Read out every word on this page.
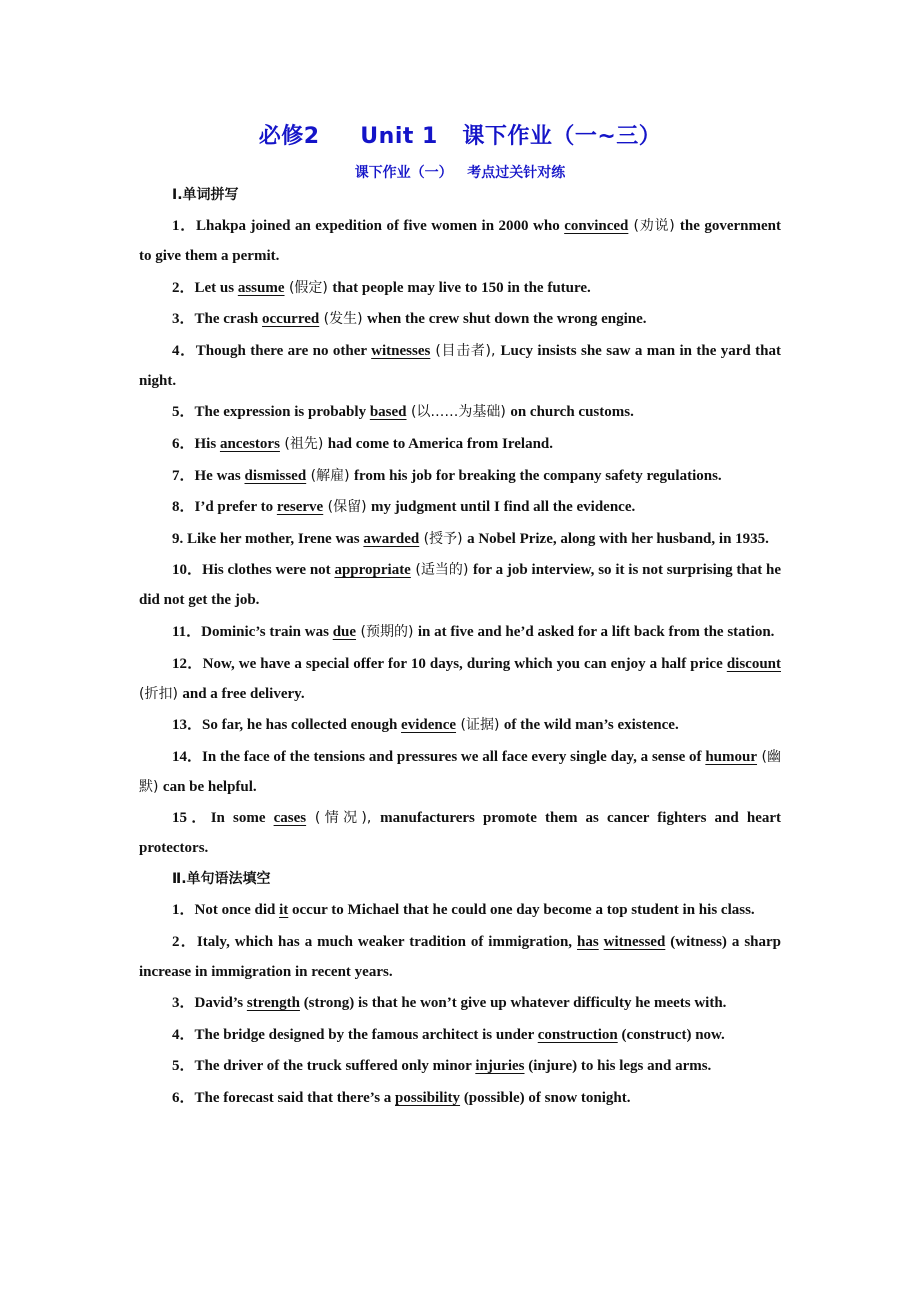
必修2     Unit 1   课下作业（一~三）
课下作业（一）   考点过关针对练
Ⅰ.单词拼写

1．Lhakpa joined an expedition of five women in 2000 who convinced (劝说) the government to give them a permit.

2．Let us assume (假定) that people may live to 150 in the future.

3．The crash occurred (发生) when the crew shut down the wrong engine.

4．Though there are no other witnesses (目击者), Lucy insists she saw a man in the yard that night.

5．The expression is probably based (以……为基础) on church customs.

6．His ancestors (祖先) had come to America from Ireland.

7．He was dismissed (解雇) from his job for breaking the company safety regulations.

8．I’d prefer to reserve (保留) my judgment until I find all the evidence.

9. Like her mother, Irene was awarded (授予) a Nobel Prize, along with her husband, in 1935.

10．His clothes were not appropriate (适当的) for a job interview, so it is not surprising that he did not get the job.

11．Dominic’s train was due (预期的) in at five and he’d asked for a lift back from the station.

12．Now, we have a special offer for 10 days, during which you can enjoy a half price discount (折扣) and a free delivery.

13．So far, he has collected enough evidence (证据) of the wild man’s existence.

14．In the face of the tensions and pressures we all face every single day, a sense of humour (幽默) can be helpful.

15．In some cases (情况), manufacturers promote them as cancer fighters and heart protectors.

Ⅱ.单句语法填空

1．Not once did it occur to Michael that he could one day become a top student in his class.

2．Italy, which has a much weaker tradition of immigration, has witnessed (witness) a sharp increase in immigration in recent years.

3．David’s strength (strong) is that he won’t give up whatever difficulty he meets with.

4．The bridge designed by the famous architect is under construction (construct) now.

5．The driver of the truck suffered only minor injuries (injure) to his legs and arms.

6．The forecast said that there’s a possibility (possible) of snow tonight.
